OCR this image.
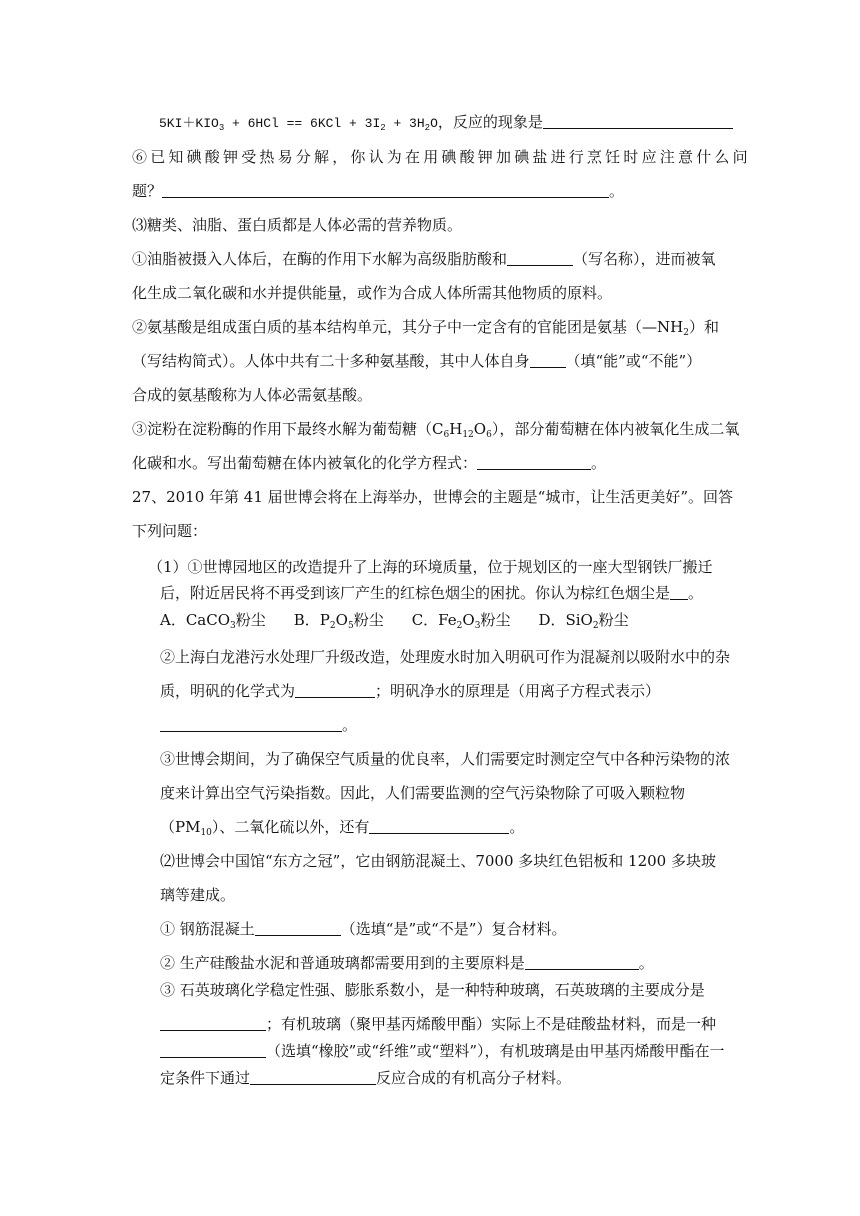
$5KI+KIO_3 + 6HCl == 6KCl + 3I_2 + 3H_2O$，反应的现象是
⑥已知碘酸钾受热易分解，你认为在用碘酸钾加碘盐进行烹饪时应注意什么问
题？	。
⑶糖类、油脂、蛋白质都是人体必需的营养物质。
①油脂被摄入人体后，在酶的作用下水解为高级脂肪酸和	（写名称），进而被氧
化生成二氧化碳和水并提供能量，或作为合成人体所需其他物质的原料。
②氨基酸是组成蛋白质的基本结构单元，其分子中一定含有的官能团是氨基$(—NH_2)$和
（写结构简式）。人体中共有二十多种氨基酸，其中人体自身 （填“能”或“不能”）
合成的氨基酸称为人体必需氨基酸。
③淀粉在淀粉酶的作用下最终水解为葡萄糖$(C_6H_{12}O_6)$，部分葡萄糖在体内被氧化生成二氧
化碳和水。写出葡萄糖在体内被氧化的化学方程式：	。
27、2010 年第 41 届世博会将在上海举办，世博会的主题是“城市，让生活更美好”。回答
下列问题：
（1）①世博园地区的改造提升了上海的环境质量，位于规划区的一座大型钢铁厂搬迁
后，附近居民将不再受到该厂产生的红棕色烟尘的困扰。你认为棕红色烟尘是 。
A．CaCO$_3$粉尘 B．$P_2O_5$粉尘 C．$Fe_2O_3$粉尘 D．SiO$_2$粉尘
②上海白龙港污水处理厂升级改造，处理废水时加入明矾可作为混凝剂以吸附水中的杂
质，明矾的化学式为	；明矾净水的原理是（用离子方程式表示）
。
③世博会期间，为了确保空气质量的优良率，人们需要定时测定空气中各种污染物的浓
度来计算出空气污染指数。因此，人们需要监测的空气污染物除了可吸入颗粒物
$(PM_{10})$、二氧化硫以外，还有	。
⑵世博会中国馆“东方之冠”，它由钢筋混凝土、7000 多块红色铝板和 1200 多块玻
璃等建成。
① 钢筋混凝土	（选填“是”或“不是”）复合材料。
② 生产硅酸盐水泥和普通玻璃都需要用到的主要原料是	。
③ 石英玻璃化学稳定性强、膨胀系数小，是一种特种玻璃，石英玻璃的主要成分是
；有机玻璃（聚甲基丙烯酸甲酯）实际上不是硅酸盐材料，而是一种
（选填“橡胶”或“纤维”或“塑料”），有机玻璃是由甲基丙烯酸甲酯在一
定条件下通过	反应合成的有机高分子材料。
